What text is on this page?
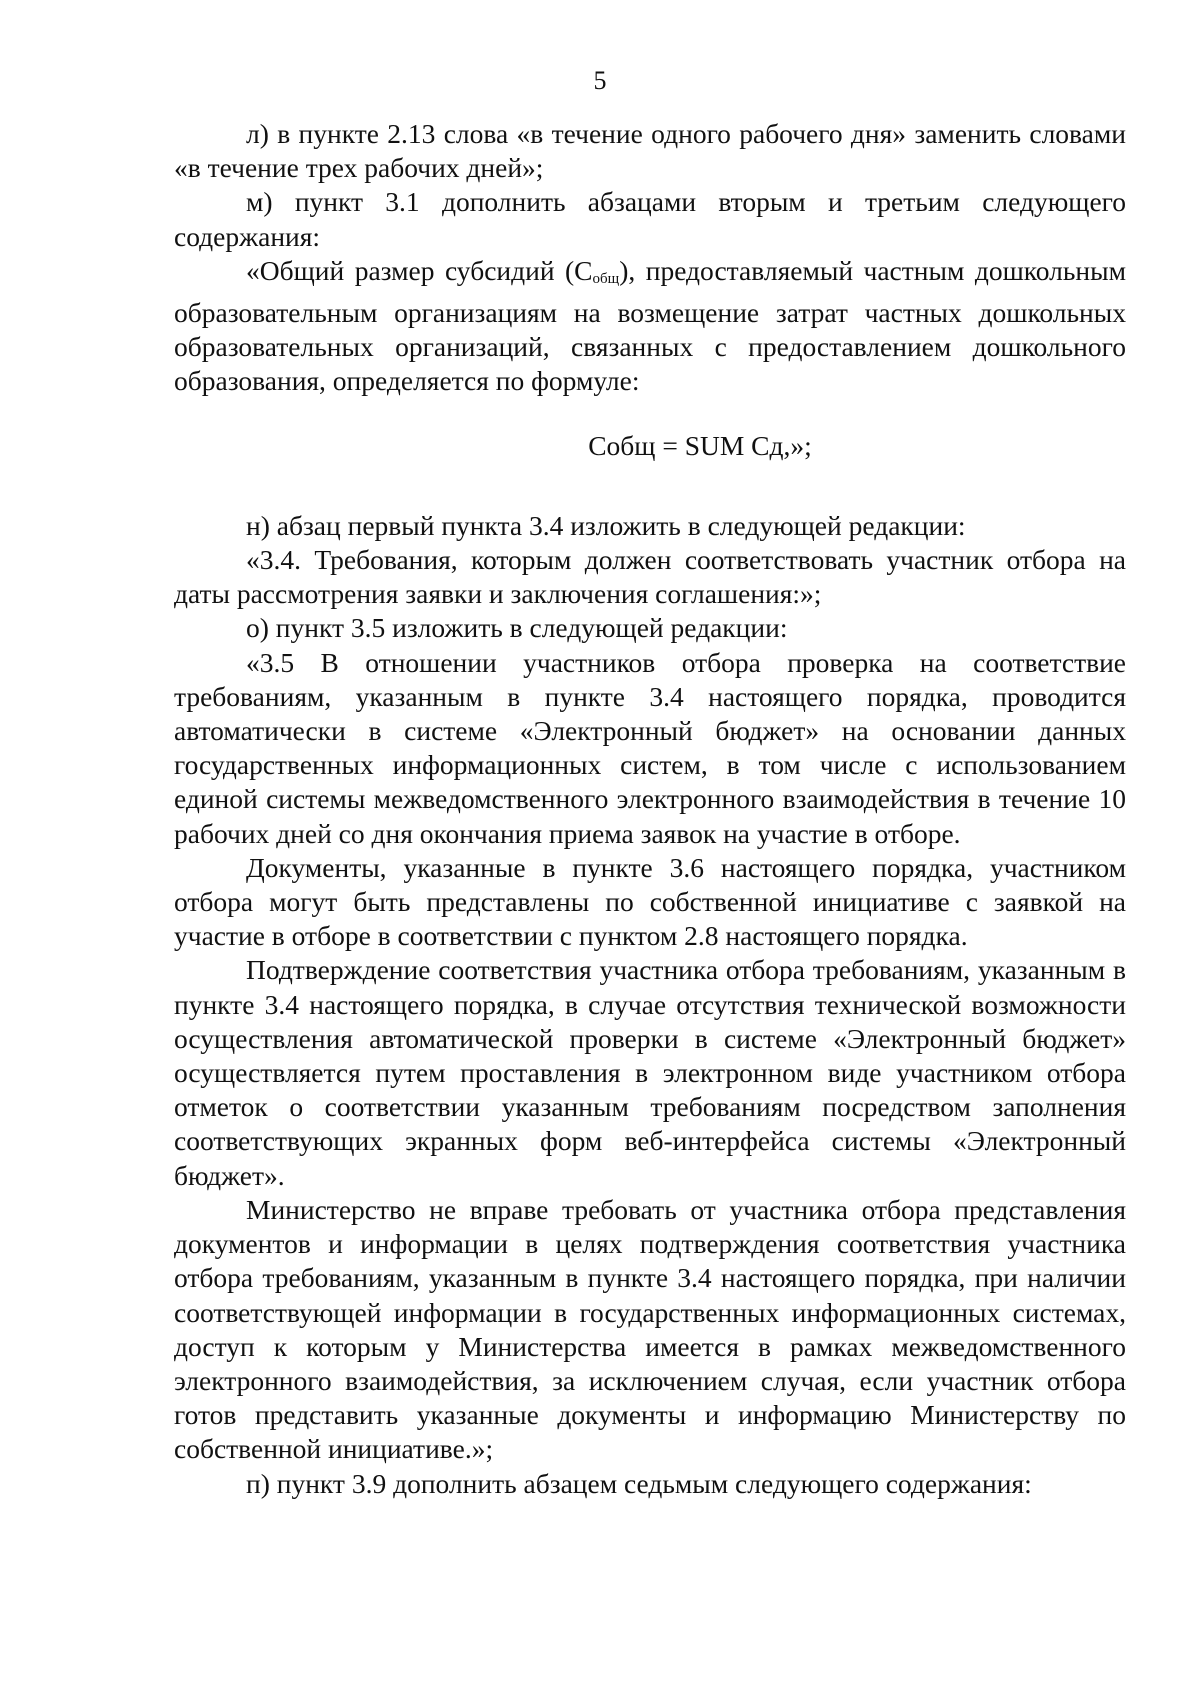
5

л) в пункте 2.13 слова «в течение одного рабочего дня» заменить словами «в течение трех рабочих дней»;

м) пункт 3.1 дополнить абзацами вторым и третьим следующего содержания:

«Общий размер субсидий $(С_{общ})$, предоставляемый частным дошкольным образовательным организациям на возмещение затрат частных дошкольных образовательных организаций, связанных с предоставлением дошкольного образования, определяется по формуле:

Собщ = SUM Сд,»;

н) абзац первый пункта 3.4 изложить в следующей редакции:

«3.4. Требования, которым должен соответствовать участник отбора на даты рассмотрения заявки и заключения соглашения:»;

о) пункт 3.5 изложить в следующей редакции:

«3.5 В отношении участников отбора проверка на соответствие требованиям, указанным в пункте 3.4 настоящего порядка, проводится автоматически в системе «Электронный бюджет» на основании данных государственных информационных систем, в том числе с использованием единой системы межведомственного электронного взаимодействия в течение 10 рабочих дней со дня окончания приема заявок на участие в отборе.

Документы, указанные в пункте 3.6 настоящего порядка, участником отбора могут быть представлены по собственной инициативе с заявкой на участие в отборе в соответствии с пунктом 2.8 настоящего порядка.

Подтверждение соответствия участника отбора требованиям, указанным в пункте 3.4 настоящего порядка, в случае отсутствия технической возможности осуществления автоматической проверки в системе «Электронный бюджет» осуществляется путем проставления в электронном виде участником отбора отметок о соответствии указанным требованиям посредством заполнения соответствующих экранных форм веб-интерфейса системы «Электронный бюджет».

Министерство не вправе требовать от участника отбора представления документов и информации в целях подтверждения соответствия участника отбора требованиям, указанным в пункте 3.4 настоящего порядка, при наличии соответствующей информации в государственных информационных системах, доступ к которым у Министерства имеется в рамках межведомственного электронного взаимодействия, за исключением случая, если участник отбора готов представить указанные документы и информацию Министерству по собственной инициативе.»;

п) пункт 3.9 дополнить абзацем седьмым следующего содержания:
